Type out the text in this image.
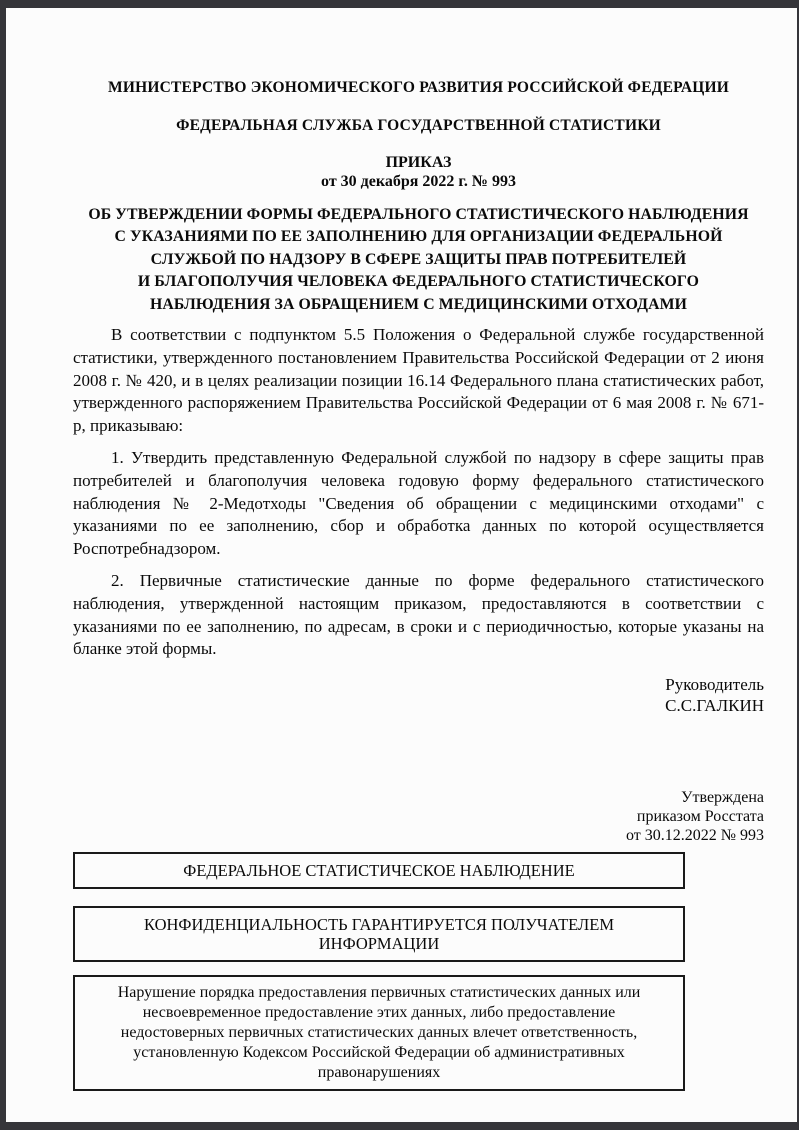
МИНИСТЕРСТВО ЭКОНОМИЧЕСКОГО РАЗВИТИЯ РОССИЙСКОЙ ФЕДЕРАЦИИ
ФЕДЕРАЛЬНАЯ СЛУЖБА ГОСУДАРСТВЕННОЙ СТАТИСТИКИ
ПРИКАЗ
от 30 декабря 2022 г. № 993
ОБ УТВЕРЖДЕНИИ ФОРМЫ ФЕДЕРАЛЬНОГО СТАТИСТИЧЕСКОГО НАБЛЮДЕНИЯ
С УКАЗАНИЯМИ ПО ЕЕ ЗАПОЛНЕНИЮ ДЛЯ ОРГАНИЗАЦИИ ФЕДЕРАЛЬНОЙ
СЛУЖБОЙ ПО НАДЗОРУ В СФЕРЕ ЗАЩИТЫ ПРАВ ПОТРЕБИТЕЛЕЙ
И БЛАГОПОЛУЧИЯ ЧЕЛОВЕКА ФЕДЕРАЛЬНОГО СТАТИСТИЧЕСКОГО
НАБЛЮДЕНИЯ ЗА ОБРАЩЕНИЕМ С МЕДИЦИНСКИМИ ОТХОДАМИ
В соответствии с подпунктом 5.5 Положения о Федеральной службе государственной статистики, утвержденного постановлением Правительства Российской Федерации от 2 июня 2008 г. № 420, и в целях реализации позиции 16.14 Федерального плана статистических работ, утвержденного распоряжением Правительства Российской Федерации от 6 мая 2008 г. № 671-р, приказываю:
1. Утвердить представленную Федеральной службой по надзору в сфере защиты прав потребителей и благополучия человека годовую форму федерального статистического наблюдения № 2-Медотходы "Сведения об обращении с медицинскими отходами" с указаниями по ее заполнению, сбор и обработка данных по которой осуществляется Роспотребнадзором.
2. Первичные статистические данные по форме федерального статистического наблюдения, утвержденной настоящим приказом, предоставляются в соответствии с указаниями по ее заполнению, по адресам, в сроки и с периодичностью, которые указаны на бланке этой формы.
Руководитель
С.С.ГАЛКИН
Утверждена
приказом Росстата
от 30.12.2022 № 993
ФЕДЕРАЛЬНОЕ СТАТИСТИЧЕСКОЕ НАБЛЮДЕНИЕ
КОНФИДЕНЦИАЛЬНОСТЬ ГАРАНТИРУЕТСЯ ПОЛУЧАТЕЛЕМ ИНФОРМАЦИИ
Нарушение порядка предоставления первичных статистических данных или несвоевременное предоставление этих данных, либо предоставление недостоверных первичных статистических данных влечет ответственность, установленную Кодексом Российской Федерации об административных правонарушениях
